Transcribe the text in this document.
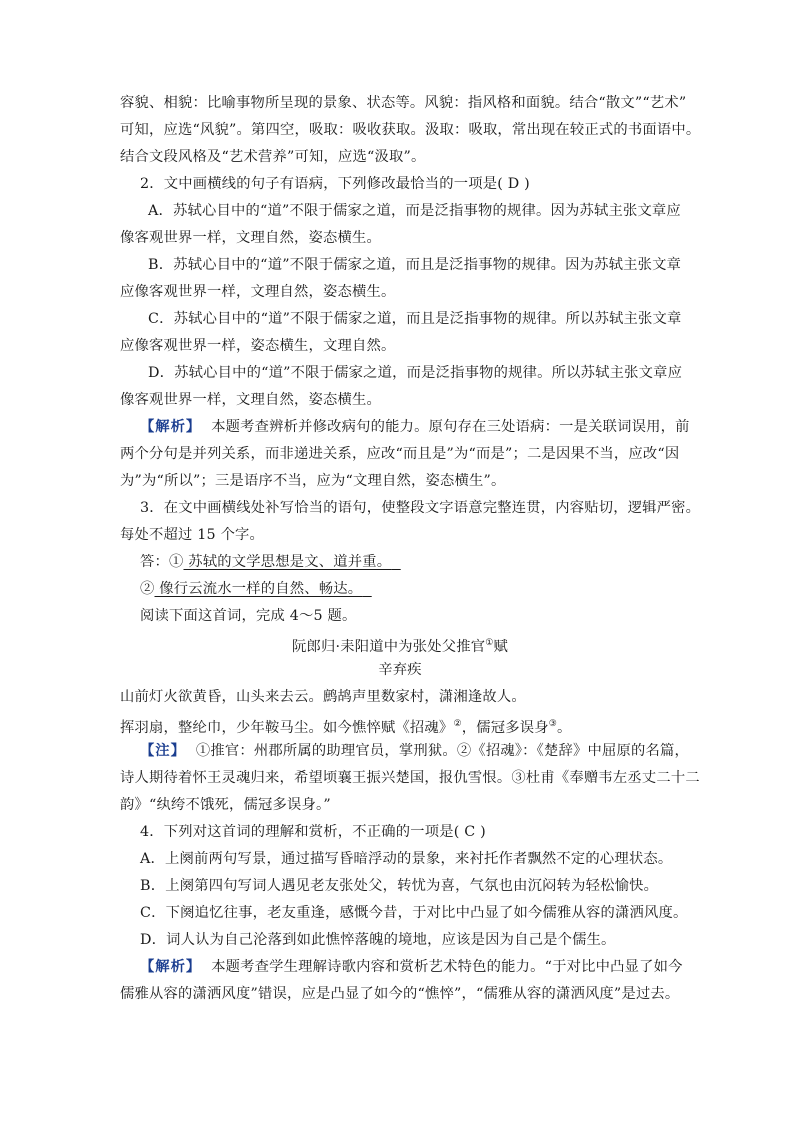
容貌、相貌：比喻事物所呈现的景象、状态等。风貌：指风格和面貌。结合“散文”“艺术”
可知，应选“风貌”。第四空，吸取：吸收获取。汲取：吸取，常出现在较正式的书面语中。
结合文段风格及“艺术营养”可知，应选“汲取”。
2．文中画横线的句子有语病，下列修改最恰当的一项是( D )
A．苏轼心目中的“道”不限于儒家之道，而是泛指事物的规律。因为苏轼主张文章应
像客观世界一样，文理自然，姿态横生。
B．苏轼心目中的“道”不限于儒家之道，而且是泛指事物的规律。因为苏轼主张文章
应像客观世界一样，文理自然，姿态横生。
C．苏轼心目中的“道”不限于儒家之道，而且是泛指事物的规律。所以苏轼主张文章
应像客观世界一样，姿态横生，文理自然。
D．苏轼心目中的“道”不限于儒家之道，而是泛指事物的规律。所以苏轼主张文章应
像客观世界一样，文理自然，姿态横生。
【解析】 本题考查辨析并修改病句的能力。原句存在三处语病：一是关联词误用，前
两个分句是并列关系，而非递进关系，应改“而且是”为“而是”；二是因果不当，应改“因
为”为“所以”；三是语序不当，应为“文理自然，姿态横生”。
3．在文中画横线处补写恰当的语句，使整段文字语意完整连贯，内容贴切，逻辑严密。
每处不超过 15 个字。
答：① 苏轼的文学思想是文、道并重。
② 像行云流水一样的自然、畅达。
阅读下面这首词，完成 4～5 题。
阮郎归·耒阳道中为张处父推官①赋
辛弃疾
山前灯火欲黄昏，山头来去云。鹧鸪声里数家村，潇湘逢故人。
挥羽扇，整纶巾，少年鞍马尘。如今憔悴赋《招魂》②，儒冠多误身③。
【注】 ①推官：州郡所属的助理官员，掌刑狱。②《招魂》：《楚辞》中屈原的名篇，
诗人期待着怀王灵魂归来，希望顷襄王振兴楚国，报仇雪恨。③杜甫《奉赠韦左丞丈二十二
韵》“纨绔不饿死，儒冠多误身。”
4．下列对这首词的理解和赏析，不正确的一项是( C )
A．上阕前两句写景，通过描写昏暗浮动的景象，来衬托作者飘然不定的心理状态。
B．上阕第四句写词人遇见老友张处父，转忧为喜，气氛也由沉闷转为轻松愉快。
C．下阕追忆往事，老友重逢，感慨今昔，于对比中凸显了如今儒雅从容的潇洒风度。
D．词人认为自己沦落到如此憔悴落魄的境地，应该是因为自己是个儒生。
【解析】 本题考查学生理解诗歌内容和赏析艺术特色的能力。“于对比中凸显了如今
儒雅从容的潇洒风度”错误，应是凸显了如今的“憔悴”，“儒雅从容的潇洒风度”是过去。
